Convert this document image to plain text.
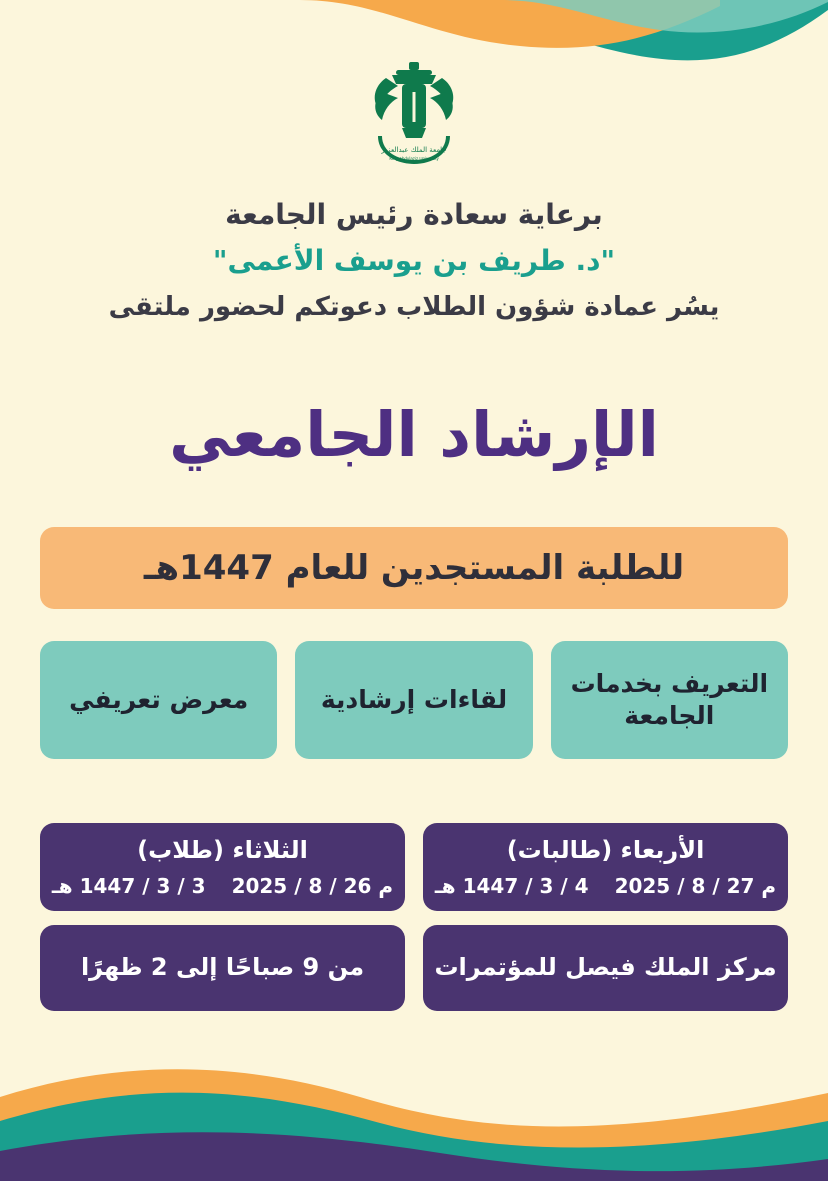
جامعة الملك عبدالعزيز
King Abdulaziz University
برعاية سعادة رئيس الجامعة
"د. طريف بن يوسف الأعمى"
يسُر عمادة شؤون الطلاب دعوتكم لحضور ملتقى
الإرشاد الجامعي
للطلبة المستجدين للعام 1447هـ
التعريف بخدمات الجامعة
لقاءات إرشادية
معرض تعريفي
الأربعاء (طالبات)
م 27 / 8 / 2025
4 / 3 / 1447 هـ
الثلاثاء (طلاب)
م 26 / 8 / 2025
3 / 3 / 1447 هـ
مركز الملك فيصل للمؤتمرات
من 9 صباحًا إلى 2 ظهرًا
